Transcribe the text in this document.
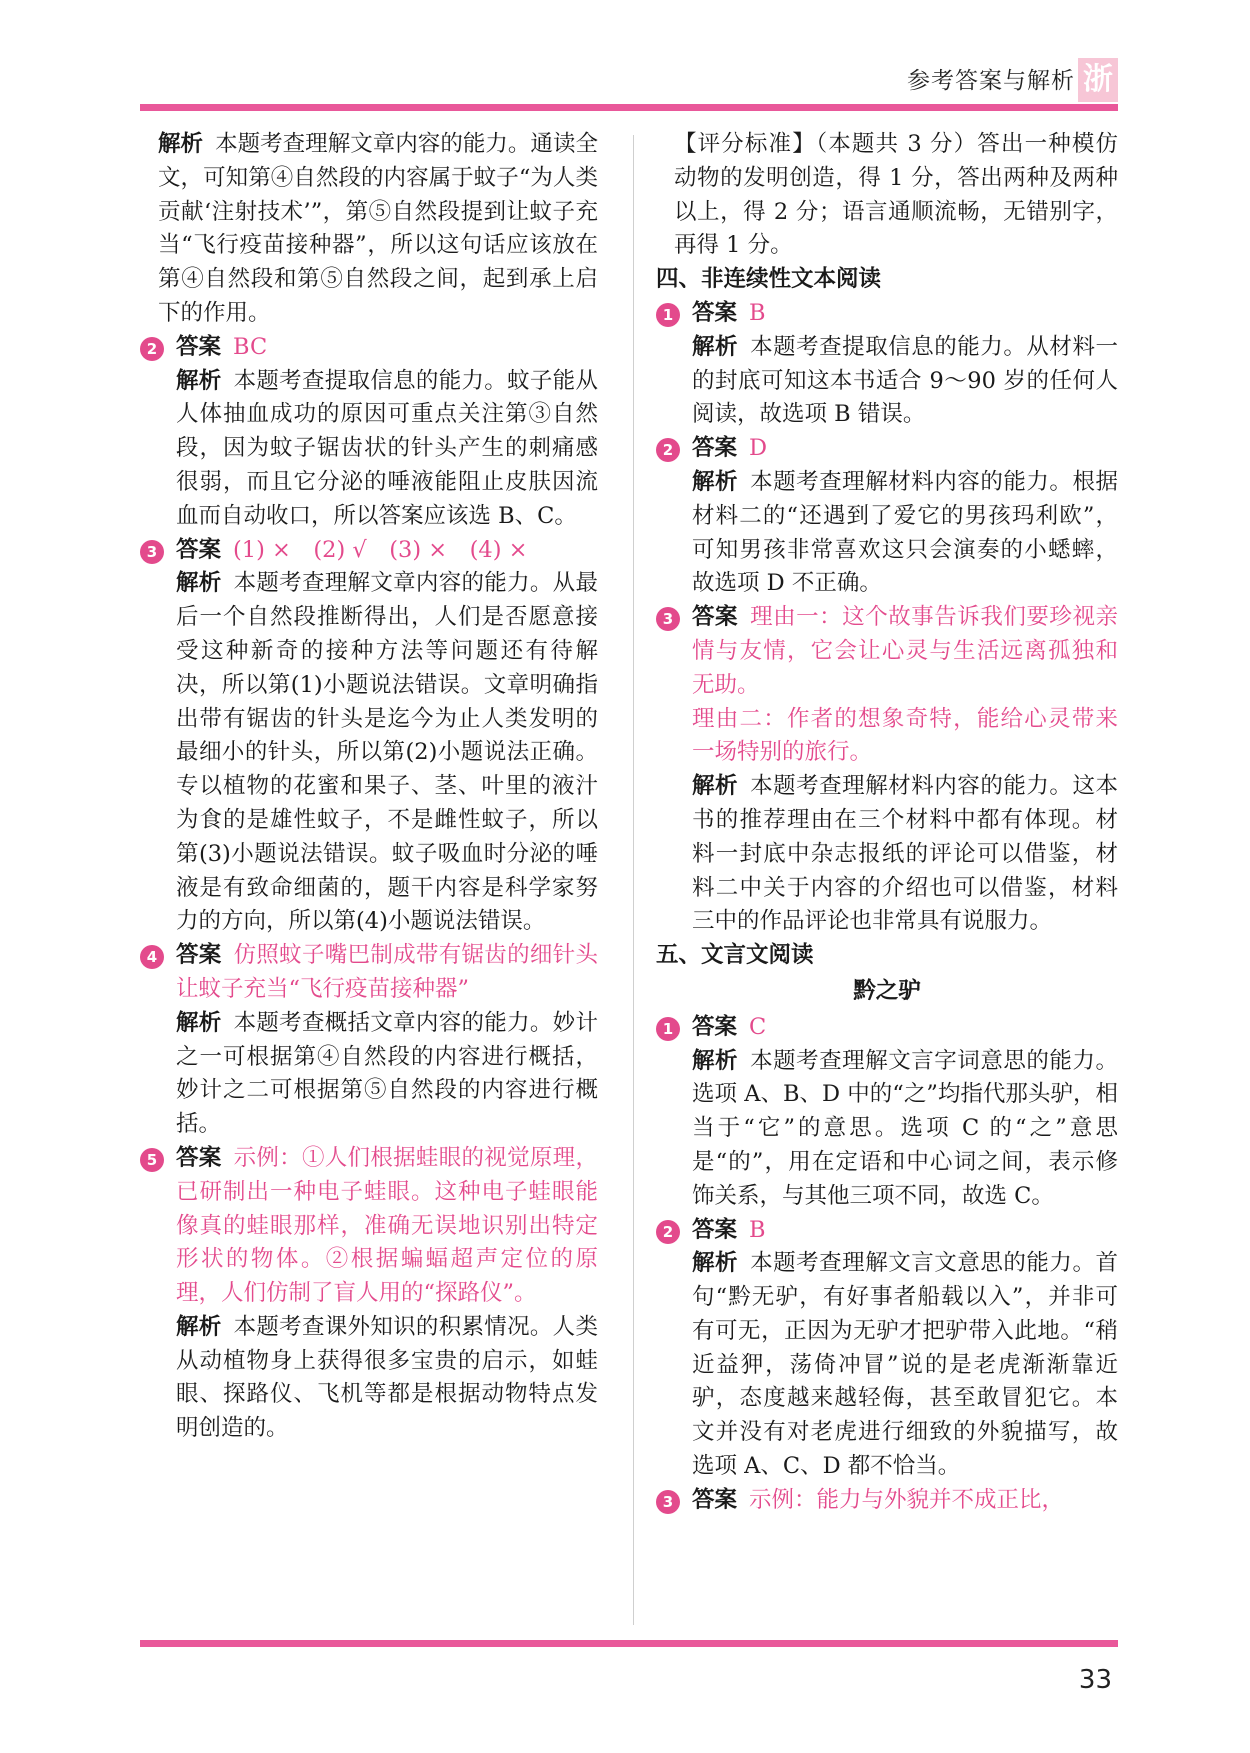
参考答案与解析 浙
解析 本题考查理解文章内容的能力。通读全文，可知第④自然段的内容属于蚊子“为人类贡献‘注射技术’”，第⑤自然段提到让蚊子充当“飞行疫苗接种器”，所以这句话应该放在第④自然段和第⑤自然段之间，起到承上启下的作用。
2 答案 BC
解析 本题考查提取信息的能力。蚊子能从人体抽血成功的原因可重点关注第③自然段，因为蚊子锯齿状的针头产生的刺痛感很弱，而且它分泌的唾液能阻止皮肤因流血而自动收口，所以答案应该选 B、C。
3 答案 (1) ×　(2) √　(3) ×　(4) ×
解析 本题考查理解文章内容的能力。从最后一个自然段推断得出，人们是否愿意接受这种新奇的接种方法等问题还有待解决，所以第(1)小题说法错误。文章明确指出带有锯齿的针头是迄今为止人类发明的最细小的针头，所以第(2)小题说法正确。专以植物的花蜜和果子、茎、叶里的液汁为食的是雄性蚊子，不是雌性蚊子，所以第(3)小题说法错误。蚊子吸血时分泌的唾液是有致命细菌的，题干内容是科学家努力的方向，所以第(4)小题说法错误。
4 答案 仿照蚊子嘴巴制成带有锯齿的细针头　让蚊子充当“飞行疫苗接种器”
解析 本题考查概括文章内容的能力。妙计之一可根据第④自然段的内容进行概括，妙计之二可根据第⑤自然段的内容进行概括。
5 答案 示例：①人们根据蛙眼的视觉原理，已研制出一种电子蛙眼。这种电子蛙眼能像真的蛙眼那样，准确无误地识别出特定形状的物体。②根据蝙蝠超声定位的原理，人们仿制了盲人用的“探路仪”。
解析 本题考查课外知识的积累情况。人类从动植物身上获得很多宝贵的启示，如蛙眼、探路仪、飞机等都是根据动物特点发明创造的。
【评分标准】（本题共 3 分）答出一种模仿动物的发明创造，得 1 分，答出两种及两种以上，得 2 分；语言通顺流畅，无错别字，再得 1 分。
四、非连续性文本阅读
1 答案 B
解析 本题考查提取信息的能力。从材料一的封底可知这本书适合 9～90 岁的任何人阅读，故选项 B 错误。
2 答案 D
解析 本题考查理解材料内容的能力。根据材料二的“还遇到了爱它的男孩玛利欧”，可知男孩非常喜欢这只会演奏的小蟋蟀，故选项 D 不正确。
3 答案 理由一：这个故事告诉我们要珍视亲情与友情，它会让心灵与生活远离孤独和无助。
理由二：作者的想象奇特，能给心灵带来一场特别的旅行。
解析 本题考查理解材料内容的能力。这本书的推荐理由在三个材料中都有体现。材料一封底中杂志报纸的评论可以借鉴，材料二中关于内容的介绍也可以借鉴，材料三中的作品评论也非常具有说服力。
五、文言文阅读
黔之驴
1 答案 C
解析 本题考查理解文言字词意思的能力。选项 A、B、D 中的“之”均指代那头驴，相当于“它”的意思。选项 C 的“之”意思是“的”，用在定语和中心词之间，表示修饰关系，与其他三项不同，故选 C。
2 答案 B
解析 本题考查理解文言文意思的能力。首句“黔无驴，有好事者船载以入”，并非可有可无，正因为无驴才把驴带入此地。“稍近益狎，荡倚冲冒”说的是老虎渐渐靠近驴，态度越来越轻侮，甚至敢冒犯它。本文并没有对老虎进行细致的外貌描写，故选项 A、C、D 都不恰当。
3 答案 示例：能力与外貌并不成正比，
33
